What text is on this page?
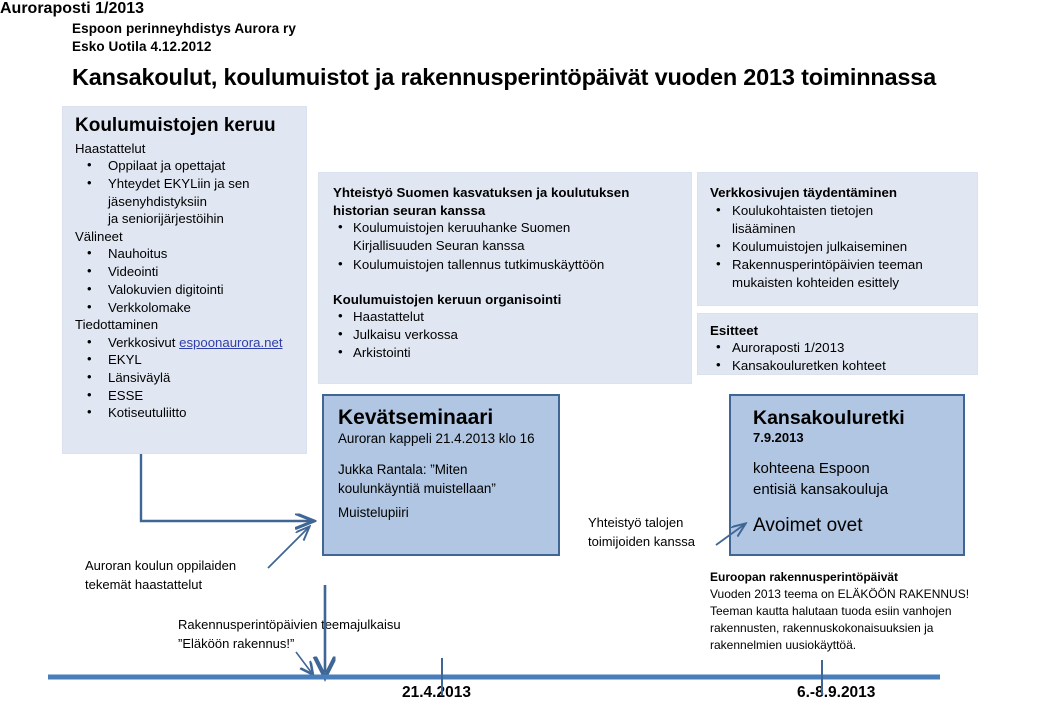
Espoon perinneyhdistys Aurora ry
Esko Uotila 4.12.2012
Kansakoulut, koulumuistot ja rakennusperintöpäivät vuoden 2013 toiminnassa
Koulumuistojen keruu
Haastattelut
• Oppilaat ja opettajat
• Yhteydet EKYLiin ja sen
jäsenyhdistyksiin
ja seniorijärjestöihin
Välineet
• Nauhoitus
• Videointi
• Valokuvien digitointi
• Verkkolomake
Tiedottaminen
• Verkkosivut espoonaurora.net
• EKYL
• Länsiväylä
• ESSE
• Kotiseutuliitto
Yhteistyö Suomen kasvatuksen ja koulutuksen
historian seuran kanssa
• Koulumuistojen keruuhanke Suomen
Kirjallisuuden Seuran kanssa
• Koulumuistojen tallennus tutkimuskäyttöön
Koulumuistojen keruun organisointi
• Haastattelut
• Julkaisu verkossa
• Arkistointi
Verkkosivujen täydentäminen
• Koulukohtaisten tietojen
lisääminen
• Koulumuistojen julkaiseminen
• Rakennusperintöpäivien teeman
mukaisten kohteiden esittely
Esitteet
• Auroraposti 1/2013
• Kansakouluretken kohteet
Kevätseminaari
Auroran kappeli 21.4.2013 klo 16
Jukka Rantala: ”Miten
koulunkäyntiä muistellaan”
Muistelupiiri
Kansakouluretki
7.9.2013
kohteena Espoon
entisiä kansakouluja
Avoimet ovet
Auroran koulun oppilaiden
tekemät haastattelut
Rakennusperintöpäivien teemajulkaisu
”Eläköön rakennus!”
Yhteistyö talojen
toimijoiden kanssa
Auroraposti 1/2013
Euroopan rakennusperintöpäivät
Vuoden 2013 teema on ELÄKÖÖN RAKENNUS!
Teeman kautta halutaan tuoda esiin vanhojen
rakennusten, rakennuskokonaisuuksien ja
rakennelmien uusiokäyttöä.
21.4.2013	6.-8.9.2013
